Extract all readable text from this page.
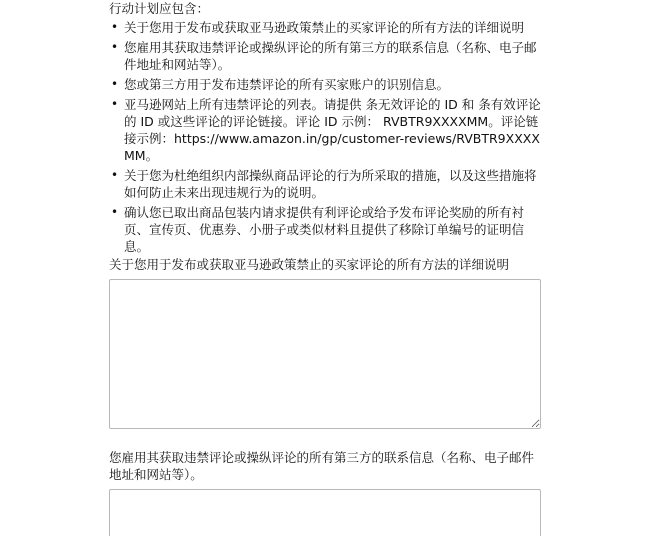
行动计划应包含：

• 关于您用于发布或获取亚马逊政策禁止的买家评论的所有方法的详细说明
• 您雇用其获取违禁评论或操纵评论的所有第三方的联系信息（名称、电子邮件地址和网站等）。
• 您或第三方用于发布违禁评论的所有买家账户的识别信息。
• 亚马逊网站上所有违禁评论的列表。请提供 条无效评论的 ID 和 条有效评论的 ID 或这些评论的评论链接。评论 ID 示例： RVBTR9XXXXMM。评论链接示例：https://www.amazon.in/gp/customer-reviews/RVBTR9XXXXMM。
• 关于您为杜绝组织内部操纵商品评论的行为所采取的措施，以及这些措施将如何防止未来出现违规行为的说明。
• 确认您已取出商品包装内请求提供有利评论或给予发布评论奖励的所有衬页、宣传页、优惠券、小册子或类似材料且提供了移除订单编号的证明信息。
关于您用于发布或获取亚马逊政策禁止的买家评论的所有方法的详细说明
您雇用其获取违禁评论或操纵评论的所有第三方的联系信息（名称、电子邮件地址和网站等）。
